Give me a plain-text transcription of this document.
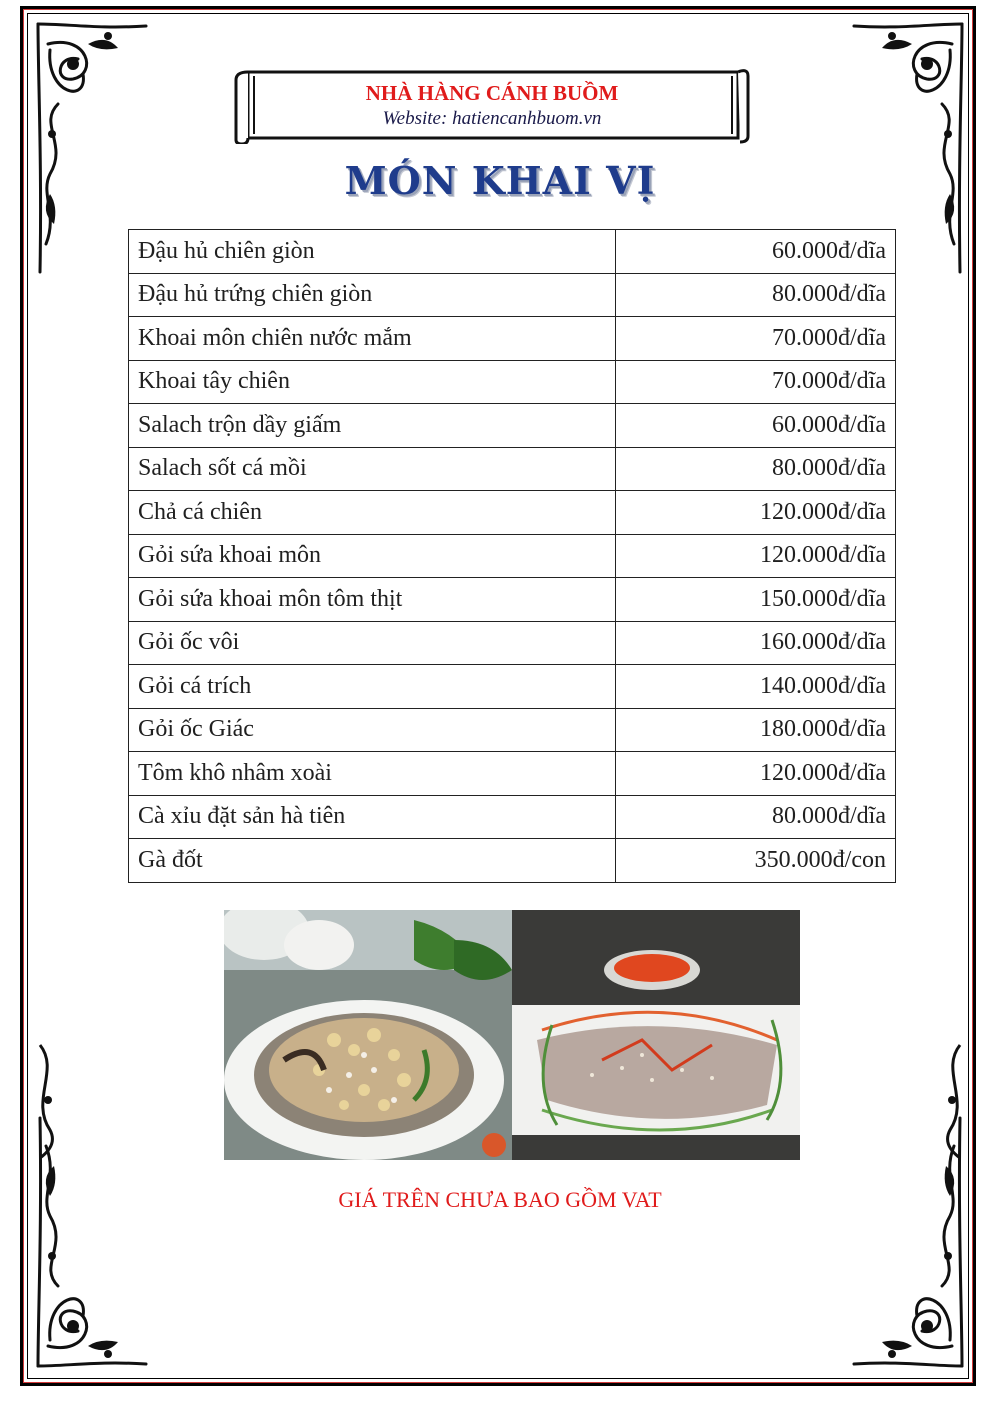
NHÀ HÀNG CÁNH BUỒM
Website: hatiencanhbuom.vn
MÓN KHAI VỊ
Đậu hủ chiên giòn	60.000đ/dĩa
Đậu hủ trứng chiên giòn	80.000đ/dĩa
Khoai môn chiên nước mắm	70.000đ/dĩa
Khoai tây chiên	70.000đ/dĩa
Salach trộn dầy giấm	60.000đ/dĩa
Salach sốt cá mồi	80.000đ/dĩa
Chả cá chiên	120.000đ/dĩa
Gỏi sứa khoai môn	120.000đ/dĩa
Gỏi sứa khoai môn tôm thịt	150.000đ/dĩa
Gỏi ốc vôi	160.000đ/dĩa
Gỏi cá trích	140.000đ/dĩa
Gỏi ốc Giác	180.000đ/dĩa
Tôm khô nhâm xoài	120.000đ/dĩa
Cà xỉu đặt sản hà tiên	80.000đ/dĩa
Gà đốt	350.000đ/con
GIÁ TRÊN CHƯA BAO GỒM VAT
